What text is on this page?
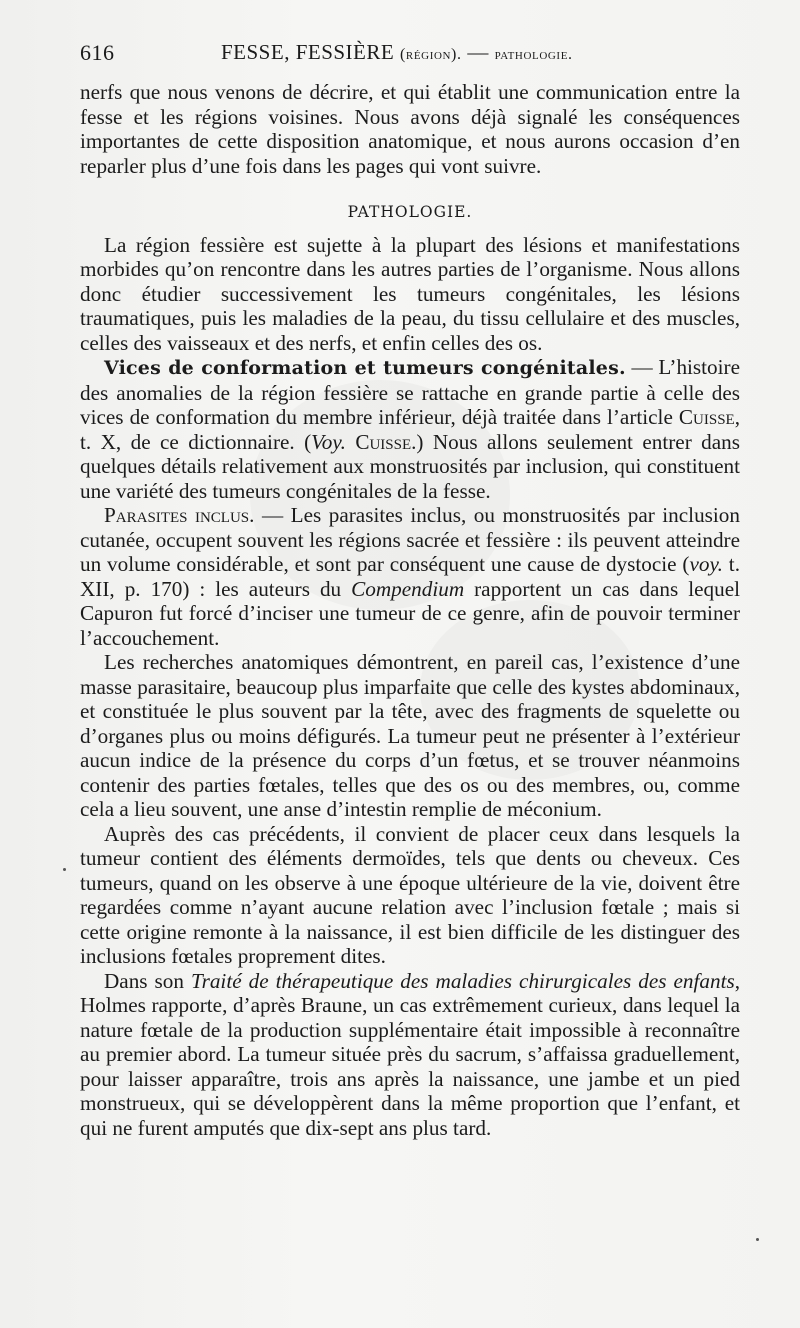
616	FESSE, FESSIÈRE (région). — pathologie.

nerfs que nous venons de décrire, et qui établit une communication entre la fesse et les régions voisines. Nous avons déjà signalé les conséquences importantes de cette disposition anatomique, et nous aurons occasion d’en reparler plus d’une fois dans les pages qui vont suivre.

PATHOLOGIE.

La région fessière est sujette à la plupart des lésions et manifestations morbides qu’on rencontre dans les autres parties de l’organisme. Nous allons donc étudier successivement les tumeurs congénitales, les lésions traumatiques, puis les maladies de la peau, du tissu cellulaire et des muscles, celles des vaisseaux et des nerfs, et enfin celles des os.

Vices de conformation et tumeurs congénitales. — L’histoire des anomalies de la région fessière se rattache en grande partie à celle des vices de conformation du membre inférieur, déjà traitée dans l’article Cuisse, t. X, de ce dictionnaire. (Voy. Cuisse.) Nous allons seulement entrer dans quelques détails relativement aux monstruosités par inclusion, qui constituent une variété des tumeurs congénitales de la fesse.

Parasites inclus. — Les parasites inclus, ou monstruosités par inclusion cutanée, occupent souvent les régions sacrée et fessière : ils peuvent atteindre un volume considérable, et sont par conséquent une cause de dystocie (voy. t. XII, p. 170) : les auteurs du Compendium rapportent un cas dans lequel Capuron fut forcé d’inciser une tumeur de ce genre, afin de pouvoir terminer l’accouchement.

Les recherches anatomiques démontrent, en pareil cas, l’existence d’une masse parasitaire, beaucoup plus imparfaite que celle des kystes abdominaux, et constituée le plus souvent par la tête, avec des fragments de squelette ou d’organes plus ou moins défigurés. La tumeur peut ne présenter à l’extérieur aucun indice de la présence du corps d’un fœtus, et se trouver néanmoins contenir des parties fœtales, telles que des os ou des membres, ou, comme cela a lieu souvent, une anse d’intestin remplie de méconium.

Auprès des cas précédents, il convient de placer ceux dans lesquels la tumeur contient des éléments dermoïdes, tels que dents ou cheveux. Ces tumeurs, quand on les observe à une époque ultérieure de la vie, doivent être regardées comme n’ayant aucune relation avec l’inclusion fœtale ; mais si cette origine remonte à la naissance, il est bien difficile de les distinguer des inclusions fœtales proprement dites.

Dans son Traité de thérapeutique des maladies chirurgicales des enfants, Holmes rapporte, d’après Braune, un cas extrêmement curieux, dans lequel la nature fœtale de la production supplémentaire était impossible à reconnaître au premier abord. La tumeur située près du sacrum, s’affaissa graduellement, pour laisser apparaître, trois ans après la naissance, une jambe et un pied monstrueux, qui se développèrent dans la même proportion que l’enfant, et qui ne furent amputés que dix-sept ans plus tard.
